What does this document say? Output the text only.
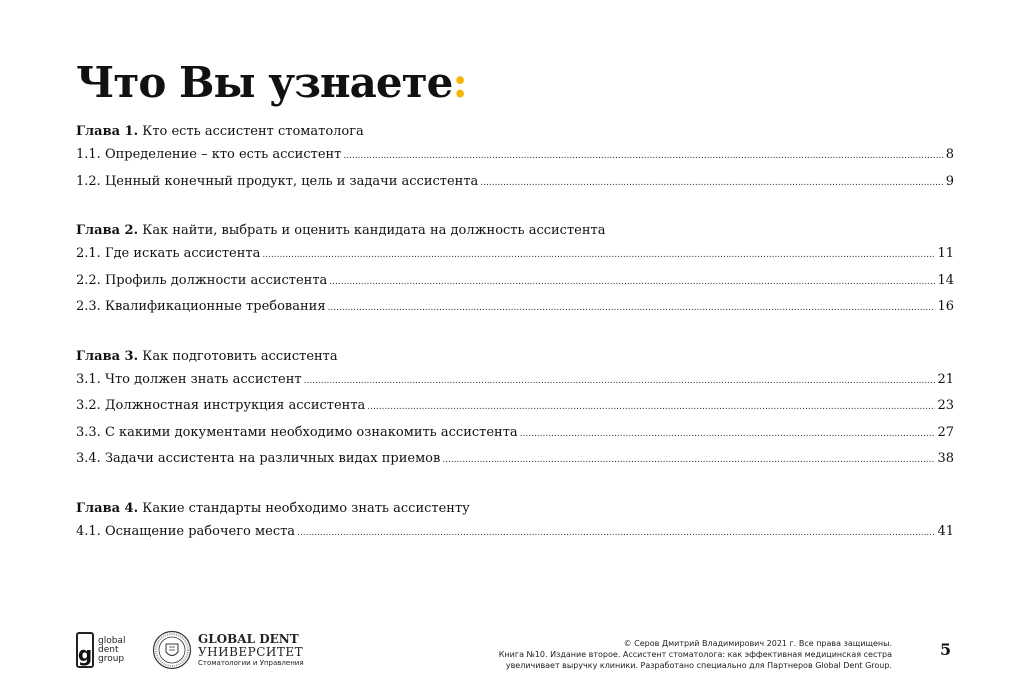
Что Вы узнаете:
Глава 1. Кто есть ассистент стоматолога
1.1. Определение – кто есть ассистент .....	8
1.2. Ценный конечный продукт, цель и задачи ассистента .....	9
Глава 2. Как найти, выбрать и оценить кандидата на должность ассистента
2.1. Где искать ассистента .....	11
2.2. Профиль должности ассистента .....	14
2.3. Квалификационные требования .....	16
Глава 3. Как подготовить ассистента
3.1. Что должен знать ассистент .....	21
3.2. Должностная инструкция ассистента .....	23
3.3. С какими документами необходимо ознакомить ассистента .....	27
3.4. Задачи ассистента на различных видах приемов .....	38
Глава 4. Какие стандарты необходимо знать ассистенту
4.1. Оснащение рабочего места .....	41
g
global
dent
group
GLOBAL DENT
УНИВЕРСИТЕТ
Стоматологии и Управления
© Серов Дмитрий Владимирович 2021 г. Все права защищены.
Книга №10. Издание второе. Ассистент стоматолога: как эффективная медицинская сестра
увеличивает выручку клиники. Разработано специально для Партнеров Global Dent Group.
5
